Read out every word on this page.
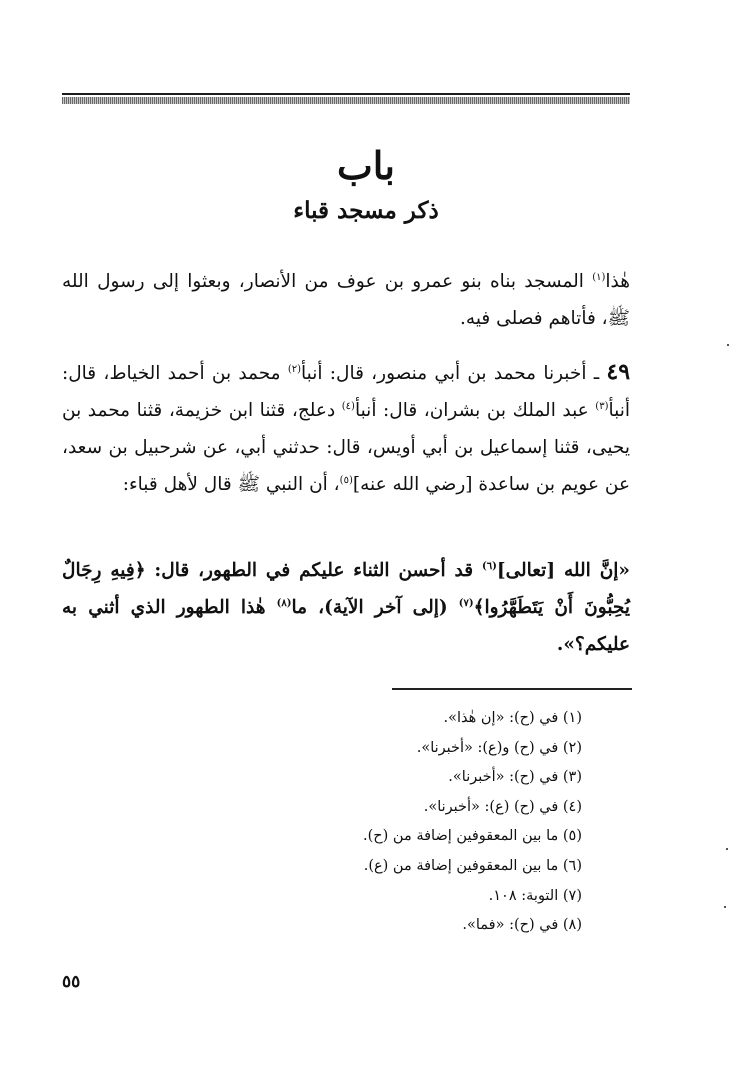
باب
ذكر مسجد قباء

هٰذا$^{(١)}$ المسجد بناه بنو عمرو بن عوف من الأنصار، وبعثوا إلى رسول الله ﷺ، فأتاهم فصلى فيه.

٤٩ ـ أخبرنا محمد بن أبي منصور، قال: أنبأ$^{(٢)}$ محمد بن أحمد الخياط، قال: أنبأ$^{(٣)}$ عبد الملك بن بشران، قال: أنبأ$^{(٤)}$ دعلج، قثنا ابن خزيمة، قثنا محمد بن يحيى، قثنا إسماعيل بن أبي أويس، قال: حدثني أبي، عن شرحبيل بن سعد، عن عويم بن ساعدة [رضي الله عنه]$^{(٥)}$، أن النبي ﷺ قال لأهل قباء:

«إنَّ الله [تعالى]$^{(٦)}$ قد أحسن الثناء عليكم في الطهور، قال: ﴿فِيهِ رِجَالٌ يُحِبُّونَ أَنْ يَتَطَهَّرُوا﴾$^{(٧)}$ (إلى آخر الآية)، ما$^{(٨)}$ هٰذا الطهور الذي أثني به عليكم؟».

(١) في (ح): «إن هٰذا».
(٢) في (ح) و(ع): «أخبرنا».
(٣) في (ح): «أخبرنا».
(٤) في (ح) (ع): «أخبرنا».
(٥) ما بين المعقوفين إضافة من (ح).
(٦) ما بين المعقوفين إضافة من (ع).
(٧) التوبة: ١٠٨.
(٨) في (ح): «فما».
٥٥
